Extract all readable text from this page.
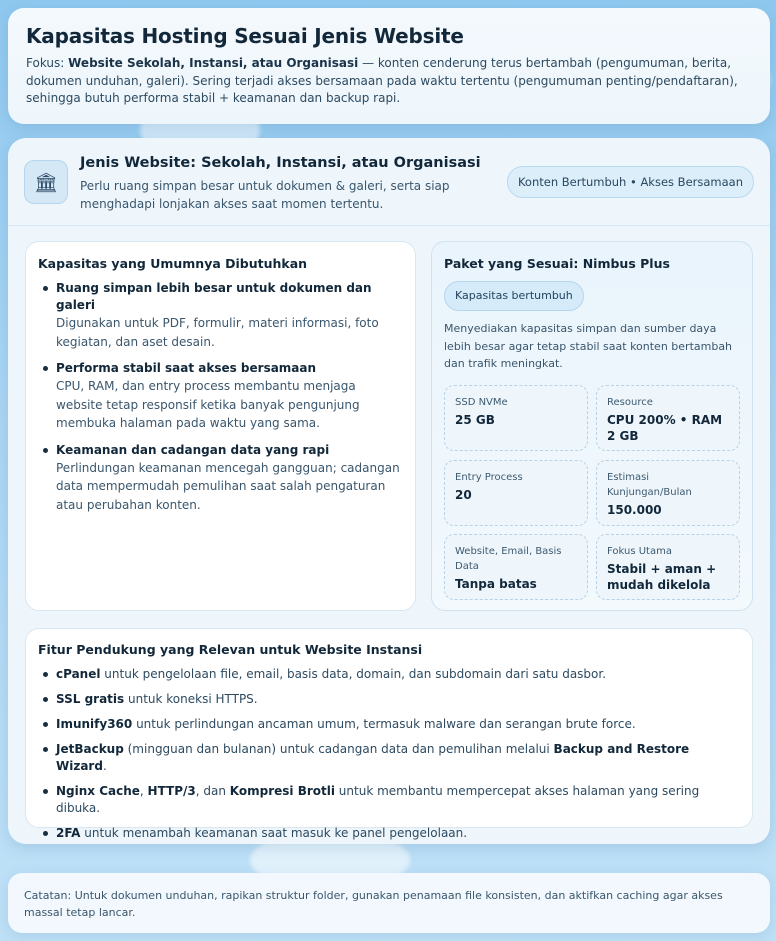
Kapasitas Hosting Sesuai Jenis Website

Fokus: Website Sekolah, Instansi, atau Organisasi — konten cenderung terus bertambah (pengumuman, berita, dokumen unduhan, galeri). Sering terjadi akses bersamaan pada waktu tertentu (pengumuman penting/pendaftaran), sehingga butuh performa stabil + keamanan dan backup rapi.

🏛
Jenis Website: Sekolah, Instansi, atau Organisasi
Perlu ruang simpan besar untuk dokumen & galeri, serta siap menghadapi lonjakan akses saat momen tertentu.
Konten Bertumbuh • Akses Bersamaan
Kapasitas yang Umumnya Dibutuhkan
Ruang simpan lebih besar untuk dokumen dan galeri
Digunakan untuk PDF, formulir, materi informasi, foto kegiatan, dan aset desain.
Performa stabil saat akses bersamaan
CPU, RAM, dan entry process membantu menjaga website tetap responsif ketika banyak pengunjung membuka halaman pada waktu yang sama.
Keamanan dan cadangan data yang rapi
Perlindungan keamanan mencegah gangguan; cadangan data mempermudah pemulihan saat salah pengaturan atau perubahan konten.
Paket yang Sesuai: Nimbus Plus
Kapasitas bertumbuh

Menyediakan kapasitas simpan dan sumber daya lebih besar agar tetap stabil saat konten bertambah dan trafik meningkat.

SSD NVMe
25 GB
Resource
CPU 200% • RAM 2 GB
Entry Process
20
Estimasi Kunjungan/Bulan
150.000
Website, Email, Basis Data
Tanpa batas
Fokus Utama
Stabil + aman + mudah dikelola
Fitur Pendukung yang Relevan untuk Website Instansi
cPanel untuk pengelolaan file, email, basis data, domain, dan subdomain dari satu dasbor.
SSL gratis untuk koneksi HTTPS.
Imunify360 untuk perlindungan ancaman umum, termasuk malware dan serangan brute force.
JetBackup (mingguan dan bulanan) untuk cadangan data dan pemulihan melalui Backup and Restore Wizard.
Nginx Cache, HTTP/3, dan Kompresi Brotli untuk membantu mempercepat akses halaman yang sering dibuka.
2FA untuk menambah keamanan saat masuk ke panel pengelolaan.

Catatan: Untuk dokumen unduhan, rapikan struktur folder, gunakan penamaan file konsisten, dan aktifkan caching agar akses massal tetap lancar.
